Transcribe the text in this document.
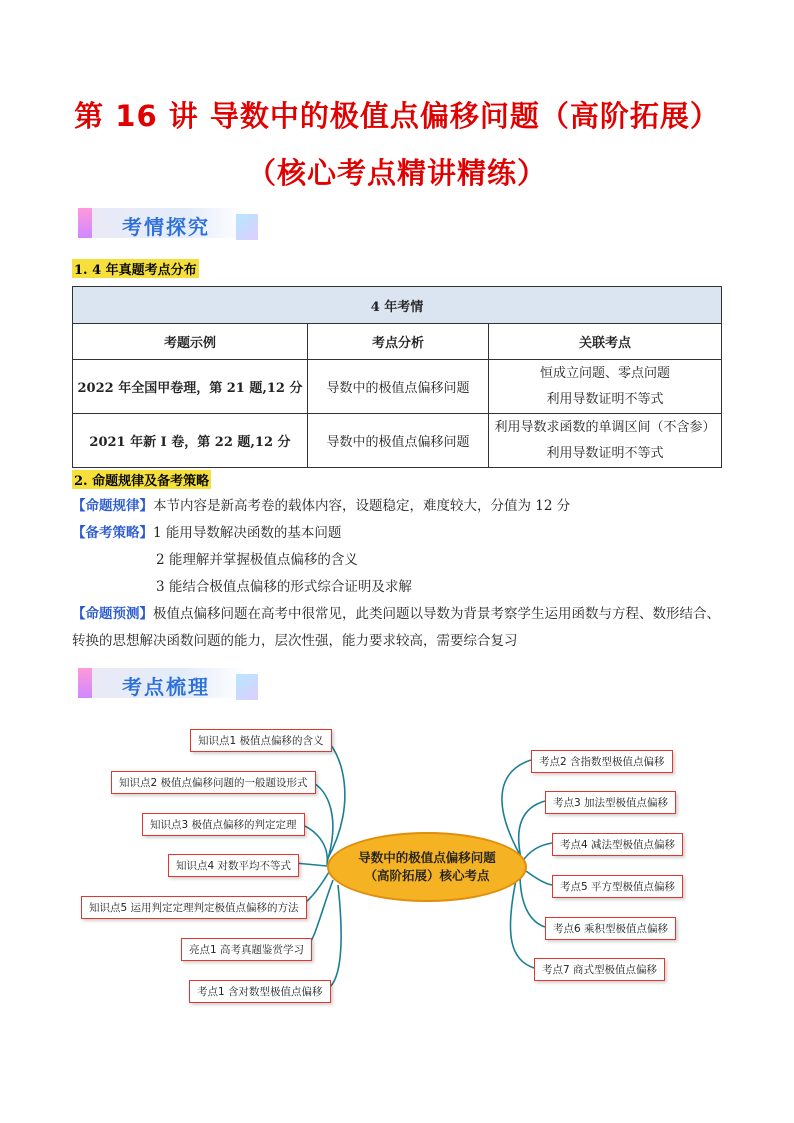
第 16 讲 导数中的极值点偏移问题（高阶拓展）
（核心考点精讲精练）
考情探究
1. 4 年真题考点分布
4 年考情		
考题示例	考点分析	关联考点
2022 年全国甲卷理，第 21 题,12 分	导数中的极值点偏移问题	恒成立问题、零点问题
利用导数证明不等式

2021 年新 I 卷，第 22 题,12 分	导数中的极值点偏移问题	利用导数求函数的单调区间（不含参）
利用导数证明不等式
2. 命题规律及备考策略
【命题规律】本节内容是新高考卷的载体内容，设题稳定，难度较大，分值为 12 分
【备考策略】1 能用导数解决函数的基本问题
2 能理解并掌握极值点偏移的含义
3 能结合极值点偏移的形式综合证明及求解
【命题预测】极值点偏移问题在高考中很常见，此类问题以导数为背景考察学生运用函数与方程、数形结合、转换的思想解决函数问题的能力，层次性强，能力要求较高，需要综合复习
考点梳理
导数中的极值点偏移问题
（高阶拓展）核心考点
知识点1 极值点偏移的含义
知识点2 极值点偏移问题的一般题设形式
知识点3 极值点偏移的判定定理
知识点4 对数平均不等式
知识点5 运用判定定理判定极值点偏移的方法
亮点1 高考真题鉴赏学习
考点1 含对数型极值点偏移
考点2 含指数型极值点偏移
考点3 加法型极值点偏移
考点4 减法型极值点偏移
考点5 平方型极值点偏移
考点6 乘积型极值点偏移
考点7 商式型极值点偏移
